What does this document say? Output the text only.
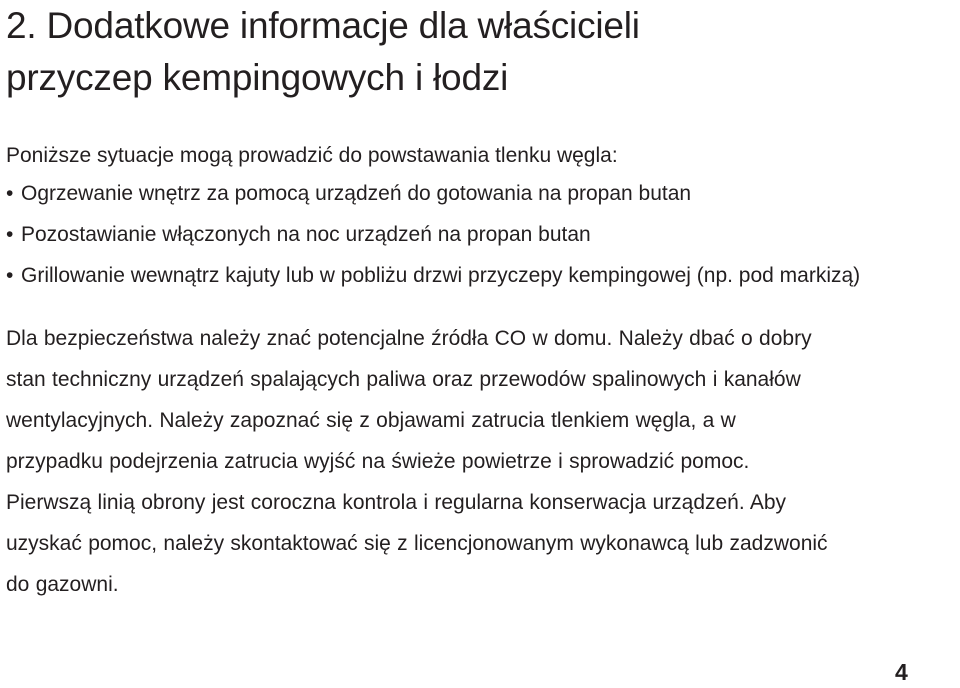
2. Dodatkowe informacje dla właścicieli
przyczep kempingowych i łodzi

Poniższe sytuacje mogą prowadzić do powstawania tlenku węgla:

• Ogrzewanie wnętrz za pomocą urządzeń do gotowania na propan butan
• Pozostawianie włączonych na noc urządzeń na propan butan
• Grillowanie wewnątrz kajuty lub w pobliżu drzwi przyczepy kempingowej (np. pod markizą)

Dla bezpieczeństwa należy znać potencjalne źródła CO w domu. Należy dbać o dobry
stan techniczny urządzeń spalających paliwa oraz przewodów spalinowych i kanałów
wentylacyjnych. Należy zapoznać się z objawami zatrucia tlenkiem węgla, a w
przypadku podejrzenia zatrucia wyjść na świeże powietrze i sprowadzić pomoc.
Pierwszą linią obrony jest coroczna kontrola i regularna konserwacja urządzeń. Aby
uzyskać pomoc, należy skontaktować się z licencjonowanym wykonawcą lub zadzwonić
do gazowni.

4
